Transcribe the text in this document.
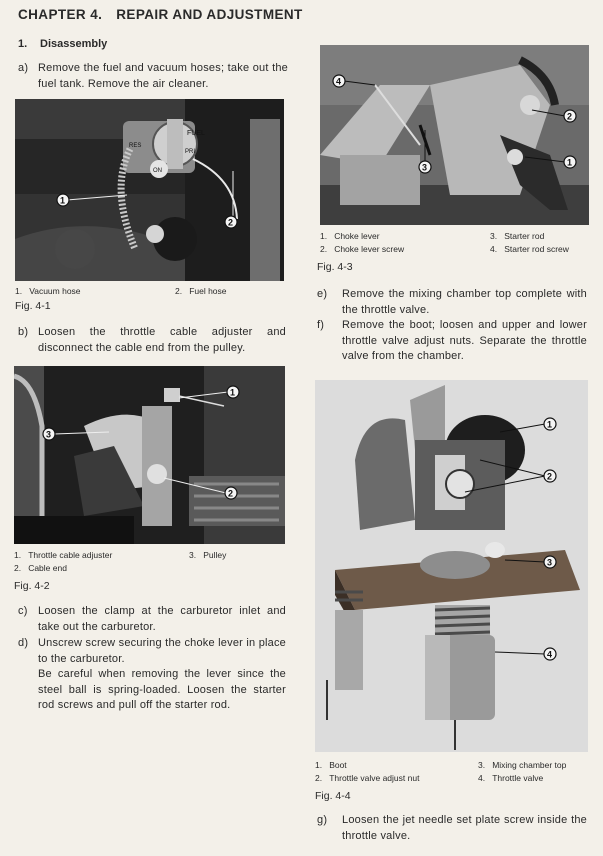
CHAPTER 4. REPAIR AND ADJUSTMENT
1. Disassembly
a) Remove the fuel and vacuum hoses; take out the fuel tank. Remove the air cleaner.

FUEL
PRI
RES
ON
1
2
1. Vacuum hose	2. Fuel hose
Fig. 4-1
b) Loosen the throttle cable adjuster and disconnect the cable end from the pulley.

1
2
3
1. Throttle cable adjuster	3. Pulley
2. Cable end
Fig. 4-2
c) Loosen the clamp at the carburetor inlet and take out the carburetor.

d) Unscrew screw securing the choke lever in place to the carburetor.

Be careful when removing the lever since the steel ball is spring-loaded. Loosen the starter rod screws and pull off the starter rod.

4
2
1
3
1. Choke lever	3. Starter rod
2. Choke lever screw	4. Starter rod screw
Fig. 4-3
e) Remove the mixing chamber top complete with the throttle valve.

f) Remove the boot; loosen and upper and lower throttle valve adjust nuts. Separate the throttle valve from the chamber.

1
2
3
4
1. Boot	3. Mixing chamber top
2. Throttle valve adjust nut	4. Throttle valve
Fig. 4-4
g) Loosen the jet needle set plate screw inside the throttle valve.
